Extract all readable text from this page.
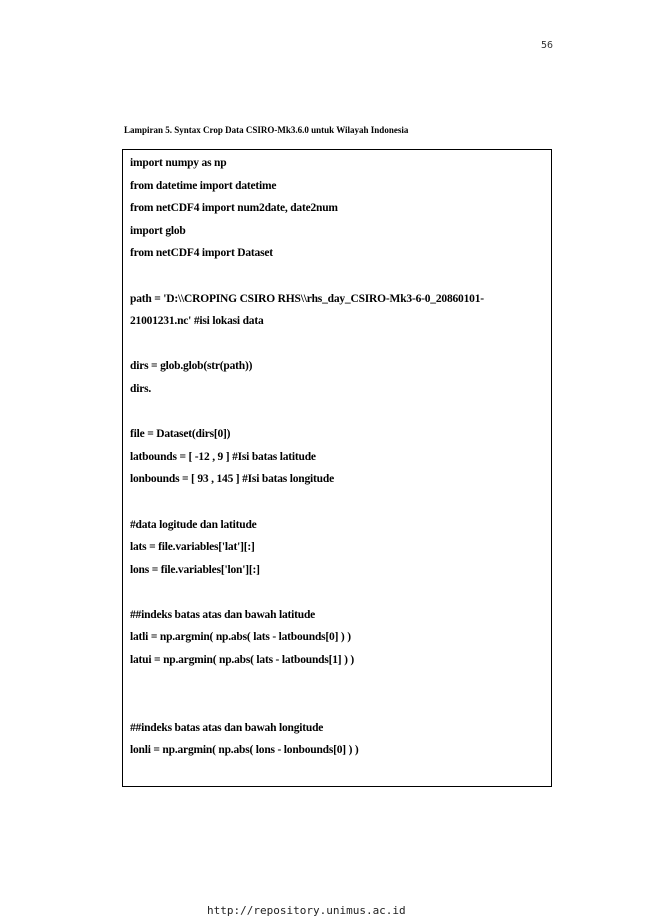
56
Lampiran 5. Syntax Crop Data CSIRO-Mk3.6.0 untuk Wilayah Indonesia
import numpy as np
from datetime import datetime
from netCDF4 import num2date, date2num
import glob
from netCDF4 import Dataset
path = 'D:\\CROPING CSIRO RHS\\rhs_day_CSIRO-Mk3-6-0_20860101-
21001231.nc' #isi lokasi data
dirs = glob.glob(str(path))
dirs.
file = Dataset(dirs[0])
latbounds = [ -12 , 9 ] #Isi batas latitude
lonbounds = [ 93 , 145 ] #Isi batas longitude
#data logitude dan latitude
lats = file.variables['lat'][:]
lons = file.variables['lon'][:]
##indeks batas atas dan bawah latitude
latli = np.argmin( np.abs( lats - latbounds[0] ) )
latui = np.argmin( np.abs( lats - latbounds[1] ) )
##indeks batas atas dan bawah longitude
lonli = np.argmin( np.abs( lons - lonbounds[0] ) )
http://repository.unimus.ac.id
